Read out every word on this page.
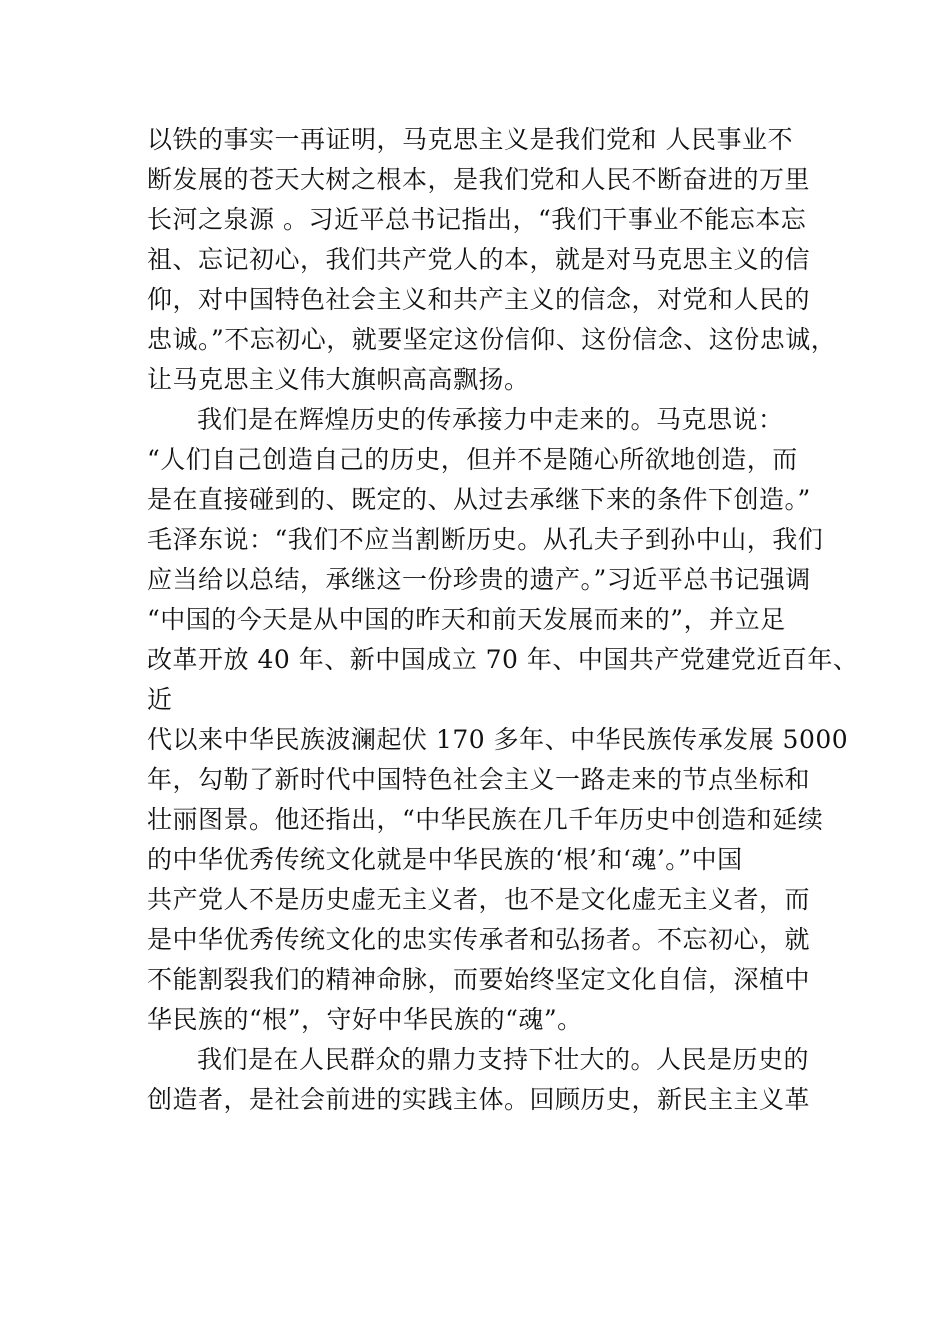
以铁的事实一再证明，马克思主义是我们党和 人民事业不
断发展的苍天大树之根本，是我们党和人民不断奋进的万里
长河之泉源 。习近平总书记指出，“我们干事业不能忘本忘
祖、忘记初心，我们共产党人的本，就是对马克思主义的信
仰，对中国特色社会主义和共产主义的信念，对党和人民的
忠诚。”不忘初心，就要坚定这份信仰、这份信念、这份忠诚，
让马克思主义伟大旗帜高高飘扬。
我们是在辉煌历史的传承接力中走来的。马克思说：
“人们自己创造自己的历史，但并不是随心所欲地创造，而
是在直接碰到的、既定的、从过去承继下来的条件下创造。”
毛泽东说：“我们不应当割断历史。从孔夫子到孙中山，我们
应当给以总结，承继这一份珍贵的遗产。”习近平总书记强调
“中国的今天是从中国的昨天和前天发展而来的”，并立足
改革开放 40 年、新中国成立 70 年、中国共产党建党近百年、
近
代以来中华民族波澜起伏 170 多年、中华民族传承发展 5000
年，勾勒了新时代中国特色社会主义一路走来的节点坐标和
壮丽图景。他还指出，“中华民族在几千年历史中创造和延续
的中华优秀传统文化就是中华民族的‘根’和‘魂’。”中国
共产党人不是历史虚无主义者，也不是文化虚无主义者，而
是中华优秀传统文化的忠实传承者和弘扬者。不忘初心，就
不能割裂我们的精神命脉，而要始终坚定文化自信，深植中
华民族的“根”，守好中华民族的“魂”。
我们是在人民群众的鼎力支持下壮大的。人民是历史的
创造者，是社会前进的实践主体。回顾历史，新民主主义革
